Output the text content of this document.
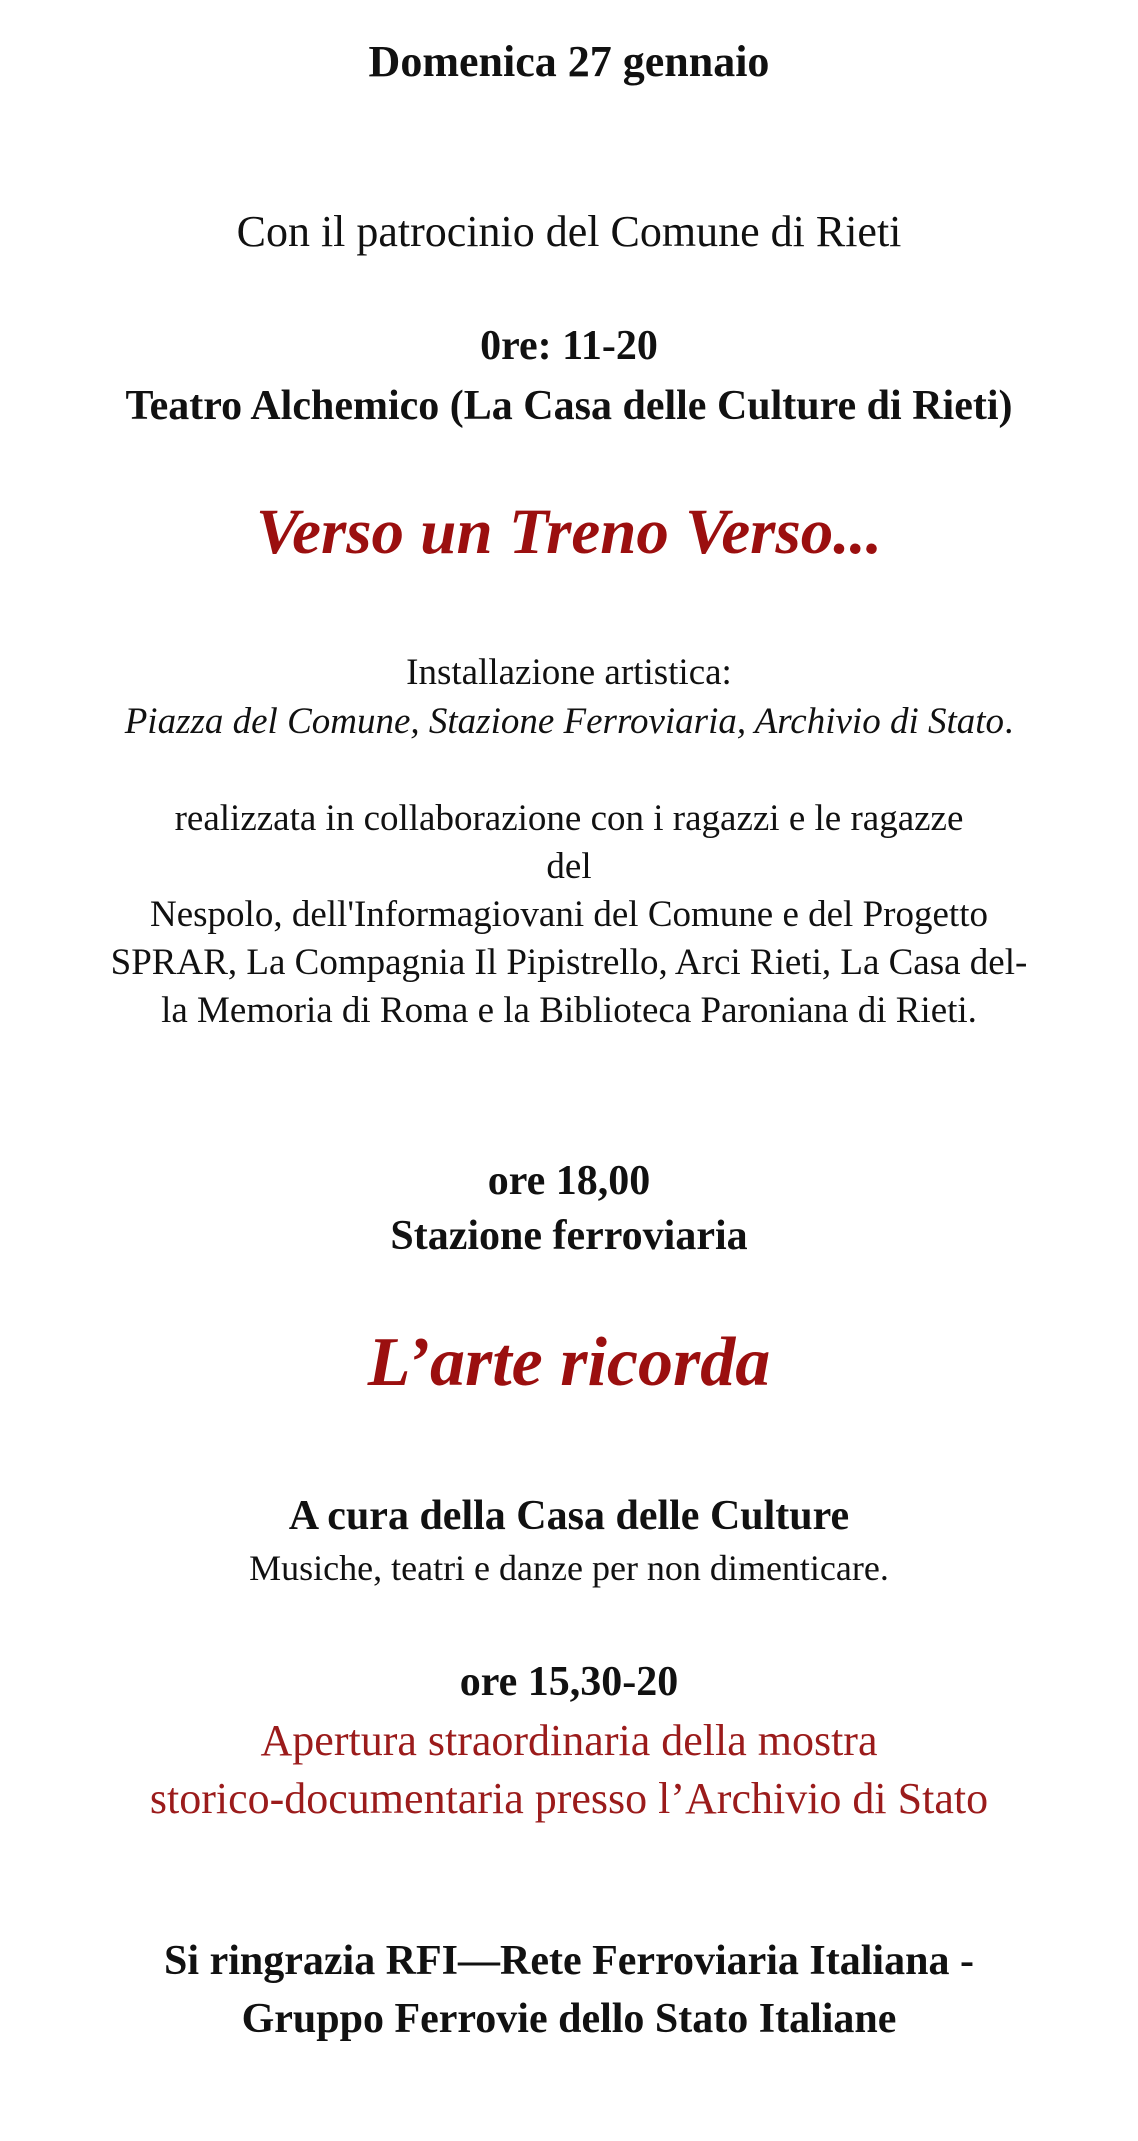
Domenica 27 gennaio
Con il patrocinio del Comune di Rieti
0re: 11-20
Teatro Alchemico (La Casa delle Culture di Rieti)
Verso un Treno Verso...
Installazione artistica:
Piazza del Comune, Stazione Ferroviaria, Archivio di Stato.
realizzata in collaborazione con i ragazzi e le ragazze
del
Nespolo, dell'Informagiovani del Comune e del Progetto
SPRAR, La Compagnia Il Pipistrello, Arci Rieti, La Casa del-
la Memoria di Roma e la Biblioteca Paroniana di Rieti.
ore 18,00
Stazione ferroviaria
L’arte ricorda
A cura della Casa delle Culture
Musiche, teatri e danze per non dimenticare.
ore 15,30-20
Apertura straordinaria della mostra
storico-documentaria presso l’Archivio di Stato
Si ringrazia RFI—Rete Ferroviaria Italiana -
Gruppo Ferrovie dello Stato Italiane
